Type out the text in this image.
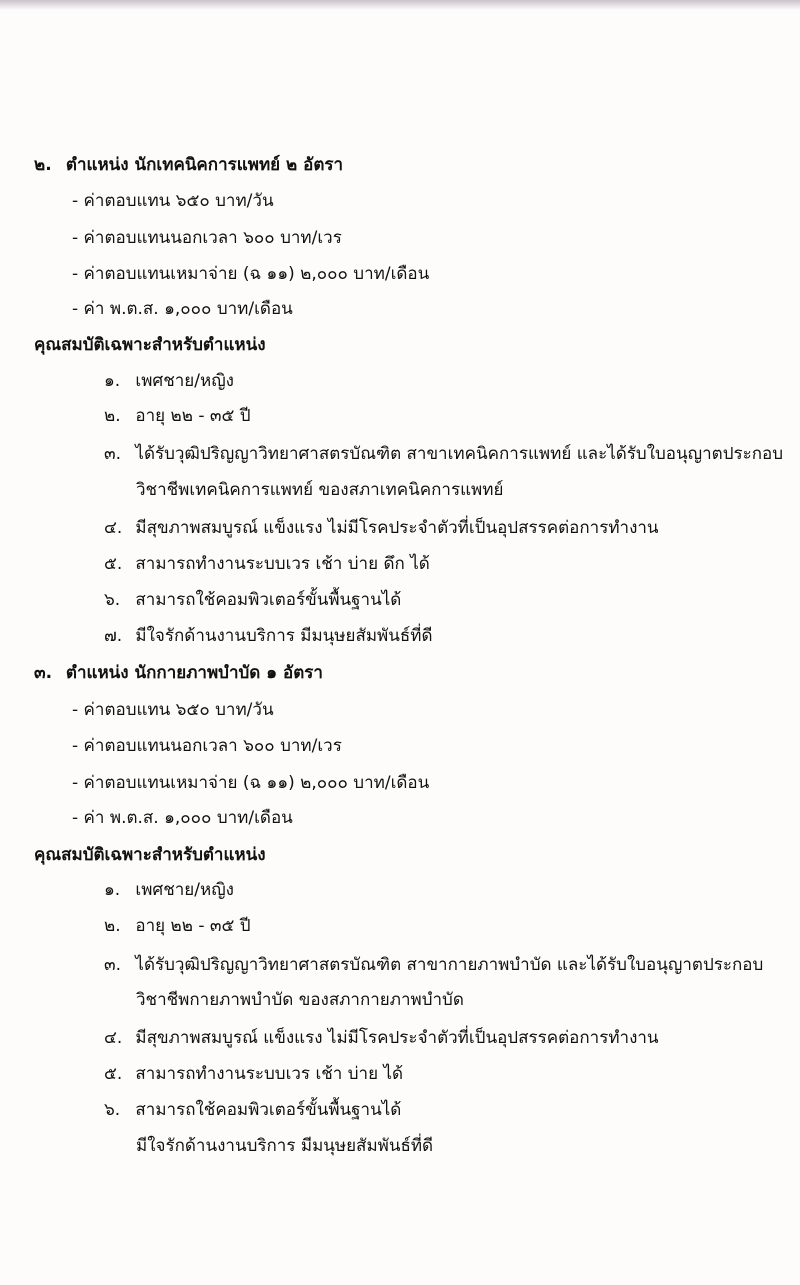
๒. ตำแหน่ง นักเทคนิคการแพทย์ ๒ อัตรา
- ค่าตอบแทน ๖๕๐ บาท/วัน
- ค่าตอบแทนนอกเวลา ๖๐๐ บาท/เวร
- ค่าตอบแทนเหมาจ่าย (ฉ ๑๑) ๒,๐๐๐ บาท/เดือน
- ค่า พ.ต.ส. ๑,๐๐๐ บาท/เดือน
คุณสมบัติเฉพาะสำหรับตำแหน่ง
๑. เพศชาย/หญิง
๒. อายุ ๒๒ - ๓๕ ปี
๓. ได้รับวุฒิปริญญาวิทยาศาสตรบัณฑิต สาขาเทคนิคการแพทย์ และได้รับใบอนุญาตประกอบ
วิชาชีพเทคนิคการแพทย์ ของสภาเทคนิคการแพทย์
๔. มีสุขภาพสมบูรณ์ แข็งแรง ไม่มีโรคประจำตัวที่เป็นอุปสรรคต่อการทำงาน
๕. สามารถทำงานระบบเวร เช้า บ่าย ดึก ได้
๖. สามารถใช้คอมพิวเตอร์ขั้นพื้นฐานได้
๗. มีใจรักด้านงานบริการ มีมนุษยสัมพันธ์ที่ดี
๓. ตำแหน่ง นักกายภาพบำบัด ๑ อัตรา
- ค่าตอบแทน ๖๕๐ บาท/วัน
- ค่าตอบแทนนอกเวลา ๖๐๐ บาท/เวร
- ค่าตอบแทนเหมาจ่าย (ฉ ๑๑) ๒,๐๐๐ บาท/เดือน
- ค่า พ.ต.ส. ๑,๐๐๐ บาท/เดือน
คุณสมบัติเฉพาะสำหรับตำแหน่ง
๑. เพศชาย/หญิง
๒. อายุ ๒๒ - ๓๕ ปี
๓. ได้รับวุฒิปริญญาวิทยาศาสตรบัณฑิต สาขากายภาพบำบัด และได้รับใบอนุญาตประกอบ
วิชาชีพกายภาพบำบัด ของสภากายภาพบำบัด
๔. มีสุขภาพสมบูรณ์ แข็งแรง ไม่มีโรคประจำตัวที่เป็นอุปสรรคต่อการทำงาน
๕. สามารถทำงานระบบเวร เช้า บ่าย ได้
๖. สามารถใช้คอมพิวเตอร์ขั้นพื้นฐานได้
มีใจรักด้านงานบริการ มีมนุษยสัมพันธ์ที่ดี
